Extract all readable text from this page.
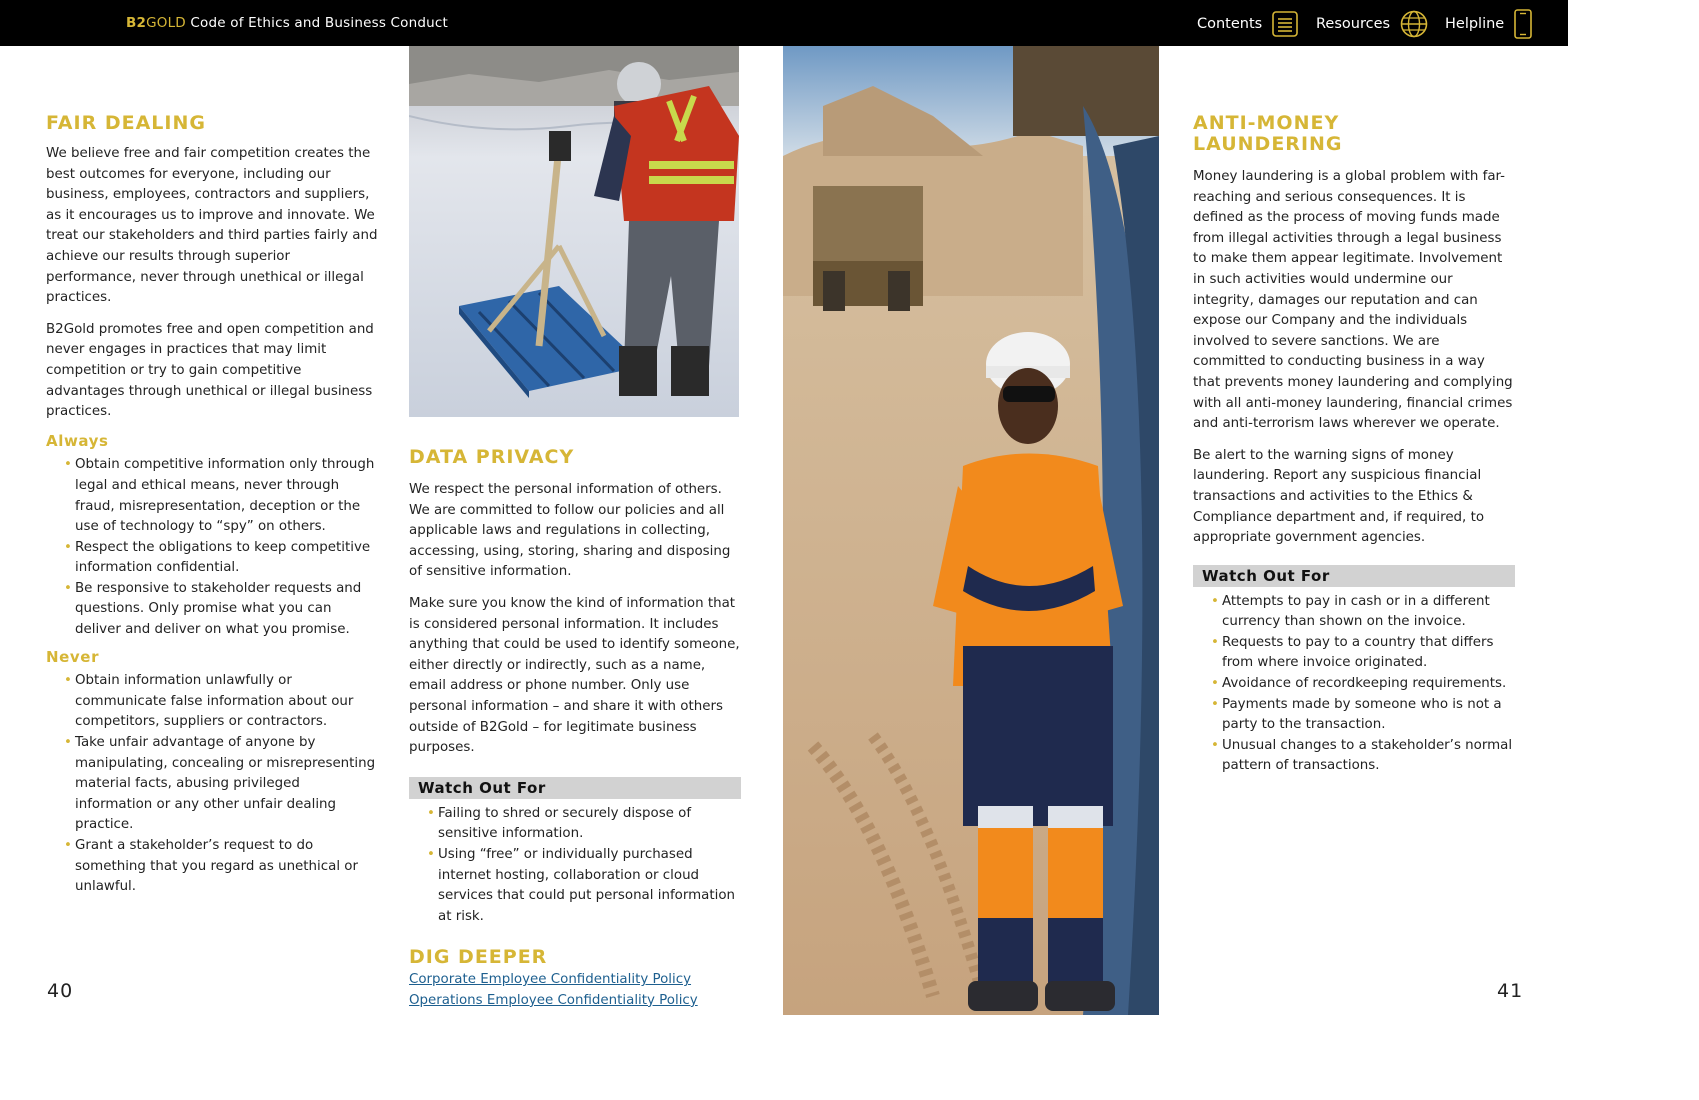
B2GOLD Code of Ethics and Business Conduct	Contents	Resources	Helpline
FAIR DEALING

We believe free and fair competition creates the best outcomes for everyone, including our business, employees, contractors and suppliers, as it encourages us to improve and innovate. We treat our stakeholders and third parties fairly and achieve our results through superior performance, never through unethical or illegal practices.

B2Gold promotes free and open competition and never engages in practices that may limit competition or try to gain competitive advantages through unethical or illegal business practices.

Always
• Obtain competitive information only through legal and ethical means, never through fraud, misrepresentation, deception or the use of technology to “spy” on others.
• Respect the obligations to keep competitive information confidential.
• Be responsive to stakeholder requests and questions. Only promise what you can deliver and deliver on what you promise.
Never
• Obtain information unlawfully or communicate false information about our competitors, suppliers or contractors.
• Take unfair advantage of anyone by manipulating, concealing or misrepresenting material facts, abusing privileged information or any other unfair dealing practice.
• Grant a stakeholder’s request to do something that you regard as unethical or unlawful.
DATA PRIVACY

We respect the personal information of others. We are committed to follow our policies and all applicable laws and regulations in collecting, accessing, using, storing, sharing and disposing of sensitive information.

Make sure you know the kind of information that is considered personal information. It includes anything that could be used to identify someone, either directly or indirectly, such as a name, email address or phone number. Only use personal information – and share it with others outside of B2Gold – for legitimate business purposes.

Watch Out For
• Failing to shred or securely dispose of sensitive information.
• Using “free” or individually purchased internet hosting, collaboration or cloud services that could put personal information at risk.
DIG DEEPER
Corporate Employee Confidentiality Policy
Operations Employee Confidentiality Policy
ANTI-MONEY LAUNDERING

Money laundering is a global problem with far-reaching and serious consequences. It is defined as the process of moving funds made from illegal activities through a legal business to make them appear legitimate. Involvement in such activities would undermine our integrity, damages our reputation and can expose our Company and the individuals involved to severe sanctions. We are committed to conducting business in a way that prevents money laundering and complying with all anti-money laundering, financial crimes and anti-terrorism laws wherever we operate.

Be alert to the warning signs of money laundering. Report any suspicious financial transactions and activities to the Ethics & Compliance department and, if required, to appropriate government agencies.

Watch Out For
• Attempts to pay in cash or in a different currency than shown on the invoice.
• Requests to pay to a country that differs from where invoice originated.
• Avoidance of recordkeeping requirements.
• Payments made by someone who is not a party to the transaction.
• Unusual changes to a stakeholder’s normal pattern of transactions.
40	41
